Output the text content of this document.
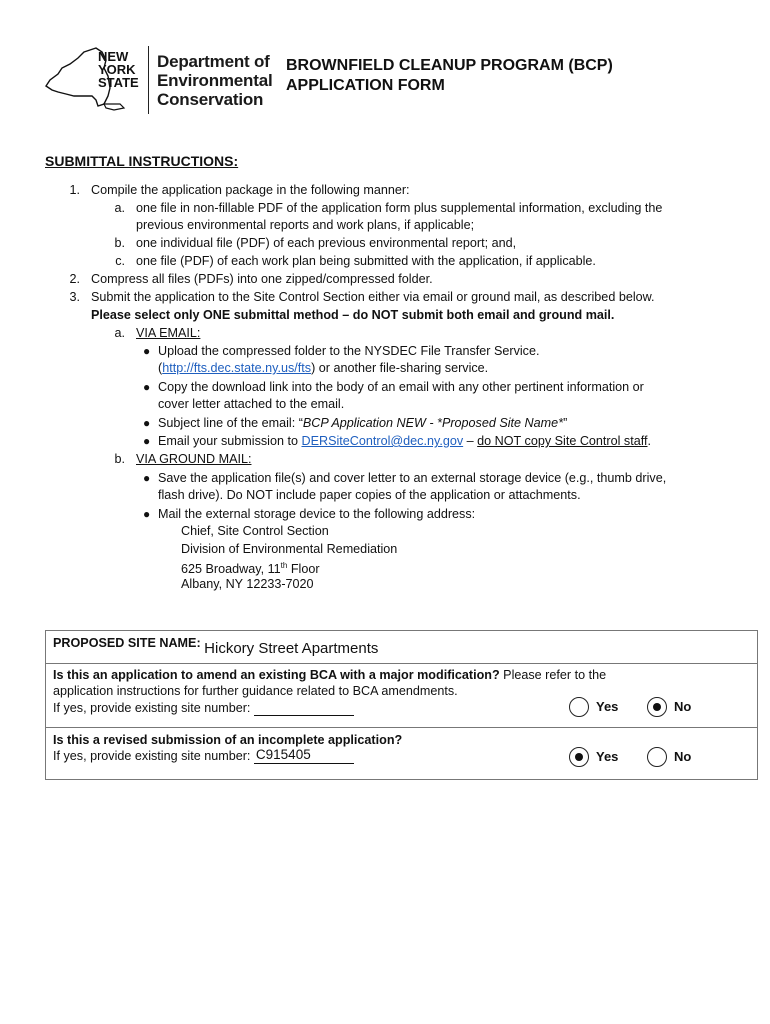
NEW
YORK
STATE
Department of
Environmental
Conservation
BROWNFIELD CLEANUP PROGRAM (BCP)
APPLICATION FORM
SUBMITTAL INSTRUCTIONS:
1. Compile the application package in the following manner:
a. one file in non-fillable PDF of the application form plus supplemental information, excluding the
previous environmental reports and work plans, if applicable;
b. one individual file (PDF) of each previous environmental report; and,
c. one file (PDF) of each work plan being submitted with the application, if applicable.
2. Compress all files (PDFs) into one zipped/compressed folder.
3. Submit the application to the Site Control Section either via email or ground mail, as described below.
Please select only ONE submittal method – do NOT submit both email and ground mail.
a. VIA EMAIL:
● Upload the compressed folder to the NYSDEC File Transfer Service.
(http://fts.dec.state.ny.us/fts) or another file-sharing service.
● Copy the download link into the body of an email with any other pertinent information or
cover letter attached to the email.
● Subject line of the email: “BCP Application NEW - *Proposed Site Name*”
● Email your submission to DERSiteControl@dec.ny.gov – do NOT copy Site Control staff.
b. VIA GROUND MAIL:
● Save the application file(s) and cover letter to an external storage device (e.g., thumb drive,
flash drive). Do NOT include paper copies of the application or attachments.
● Mail the external storage device to the following address:
Chief, Site Control Section
Division of Environmental Remediation
625 Broadway, 11th Floor
Albany, NY 12233-7020
PROPOSED SITE NAME: Hickory Street Apartments
Is this an application to amend an existing BCA with a major modification? Please refer to the
application instructions for further guidance related to BCA amendments.
If yes, provide existing site number:	Yes	No
Is this a revised submission of an incomplete application?
If yes, provide existing site number: C915405	Yes	No
